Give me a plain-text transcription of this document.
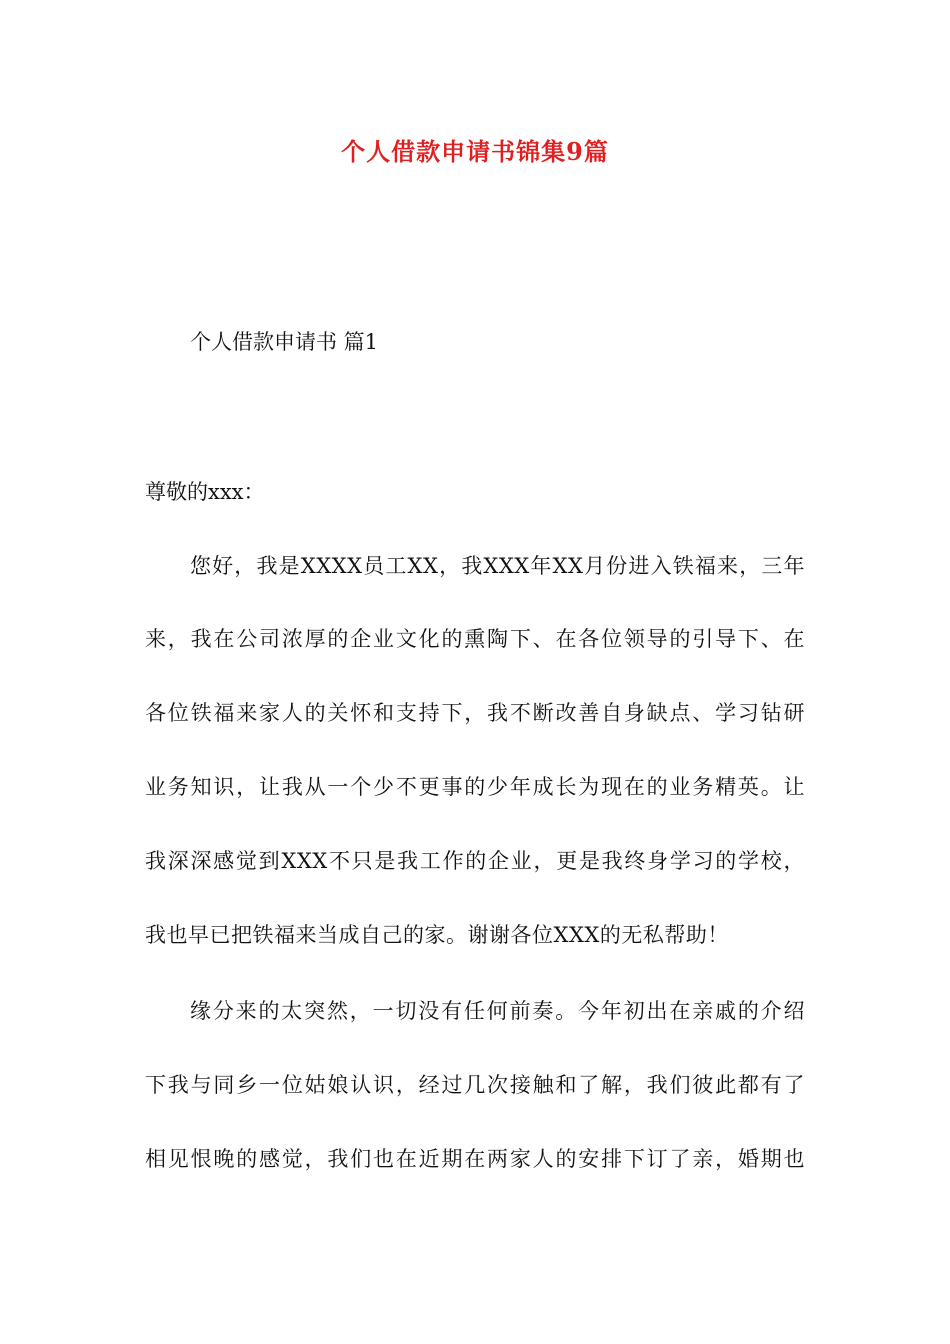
个人借款申请书锦集9篇
个人借款申请书 篇1

尊敬的xxx：

您好，我是XXXX员工XX，我XXX年XX月份进入铁福来，三年

来，我在公司浓厚的企业文化的熏陶下、在各位领导的引导下、在

各位铁福来家人的关怀和支持下，我不断改善自身缺点、学习钻研

业务知识，让我从一个少不更事的少年成长为现在的业务精英。让

我深深感觉到XXX不只是我工作的企业，更是我终身学习的学校，

我也早已把铁福来当成自己的家。谢谢各位XXX的无私帮助！

缘分来的太突然，一切没有任何前奏。今年初出在亲戚的介绍

下我与同乡一位姑娘认识，经过几次接触和了解，我们彼此都有了

相见恨晚的感觉，我们也在近期在两家人的安排下订了亲，婚期也
